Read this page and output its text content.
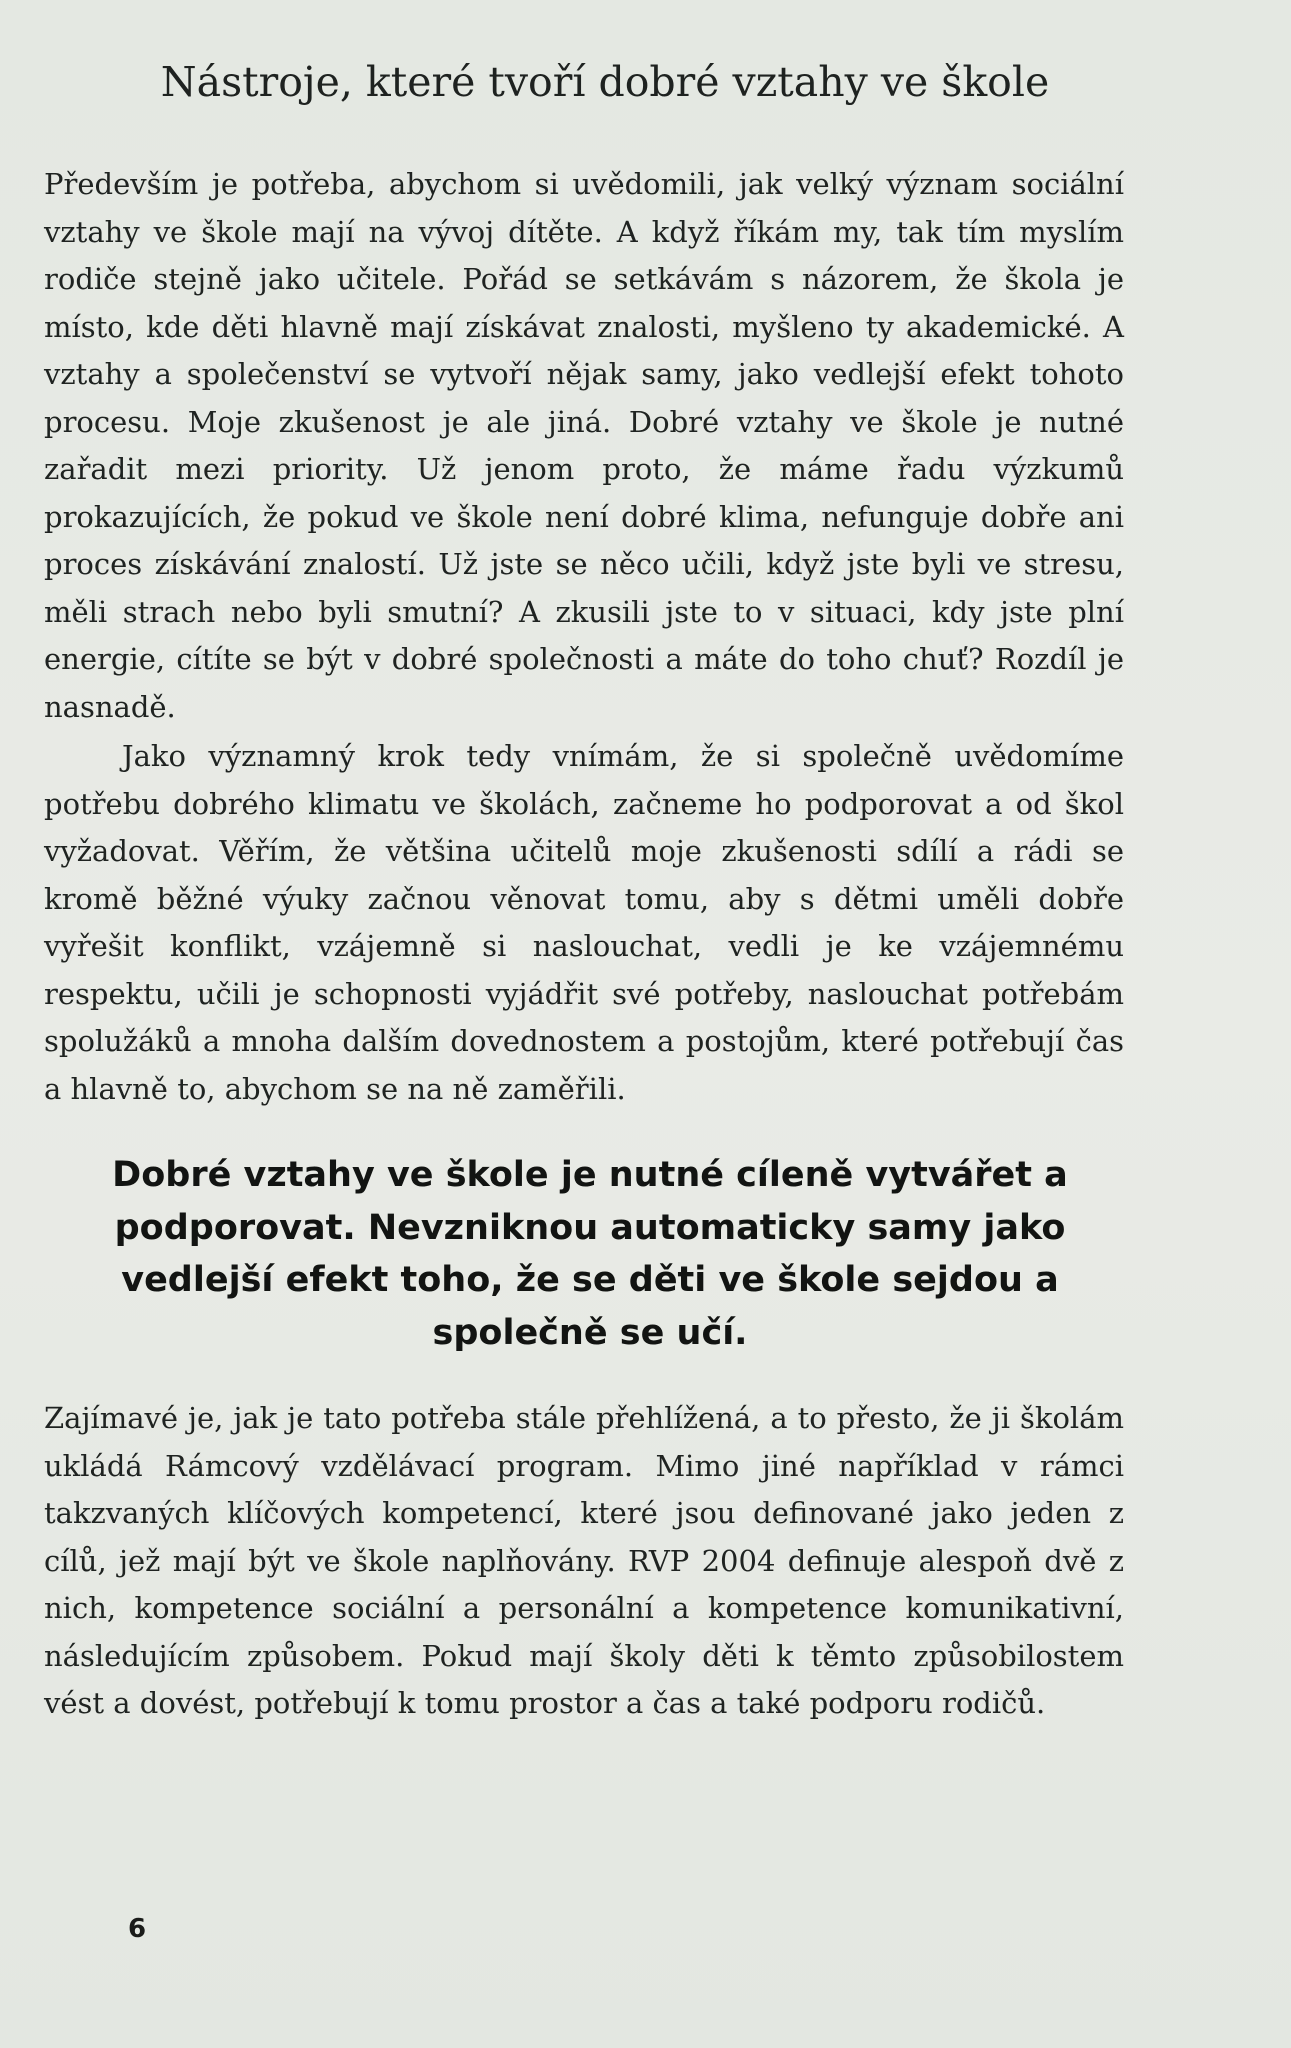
Nástroje, které tvoří dobré vztahy ve škole

Především je potřeba, abychom si uvědomili, jak velký význam sociální vztahy ve škole mají na vývoj dítěte. A když říkám my, tak tím myslím rodiče stejně jako učitele. Pořád se setkávám s názorem, že škola je místo, kde děti hlavně mají získávat znalosti, myšleno ty akademické. A vztahy a společenství se vytvoří nějak samy, jako vedlejší efekt tohoto procesu. Moje zkušenost je ale jiná. Dobré vztahy ve škole je nutné zařadit mezi priority. Už jenom proto, že máme řadu výzkumů prokazujících, že pokud ve škole není dobré klima, nefunguje dobře ani proces získávání znalostí. Už jste se něco učili, když jste byli ve stresu, měli strach nebo byli smutní? A zkusili jste to v situaci, kdy jste plní energie, cítíte se být v dobré společnosti a máte do toho chuť? Rozdíl je nasnadě.

Jako významný krok tedy vnímám, že si společně uvědomíme potřebu dobrého klimatu ve školách, začneme ho podporovat a od škol vyžadovat. Věřím, že většina učitelů moje zkušenosti sdílí a rádi se kromě běžné výuky začnou věnovat tomu, aby s dětmi uměli dobře vyřešit konflikt, vzájemně si naslouchat, vedli je ke vzájemnému respektu, učili je schopnosti vyjádřit své potřeby, naslouchat potřebám spolužáků a mnoha dalším dovednostem a postojům, které potřebují čas a hlavně to, abychom se na ně zaměřili.

Dobré vztahy ve škole je nutné cíleně vytvářet a podporovat. Nevzniknou automaticky samy jako vedlejší efekt toho, že se děti ve škole sejdou a společně se učí.

Zajímavé je, jak je tato potřeba stále přehlížená, a to přesto, že ji školám ukládá Rámcový vzdělávací program. Mimo jiné například v rámci takzvaných klíčových kompetencí, které jsou definované jako jeden z cílů, jež mají být ve škole naplňovány. RVP 2004 definuje alespoň dvě z nich, kompetence sociální a personální a kompetence komunikativní, následujícím způsobem. Pokud mají školy děti k těmto způsobilostem vést a dovést, potřebují k tomu prostor a čas a také podporu rodičů.

6
